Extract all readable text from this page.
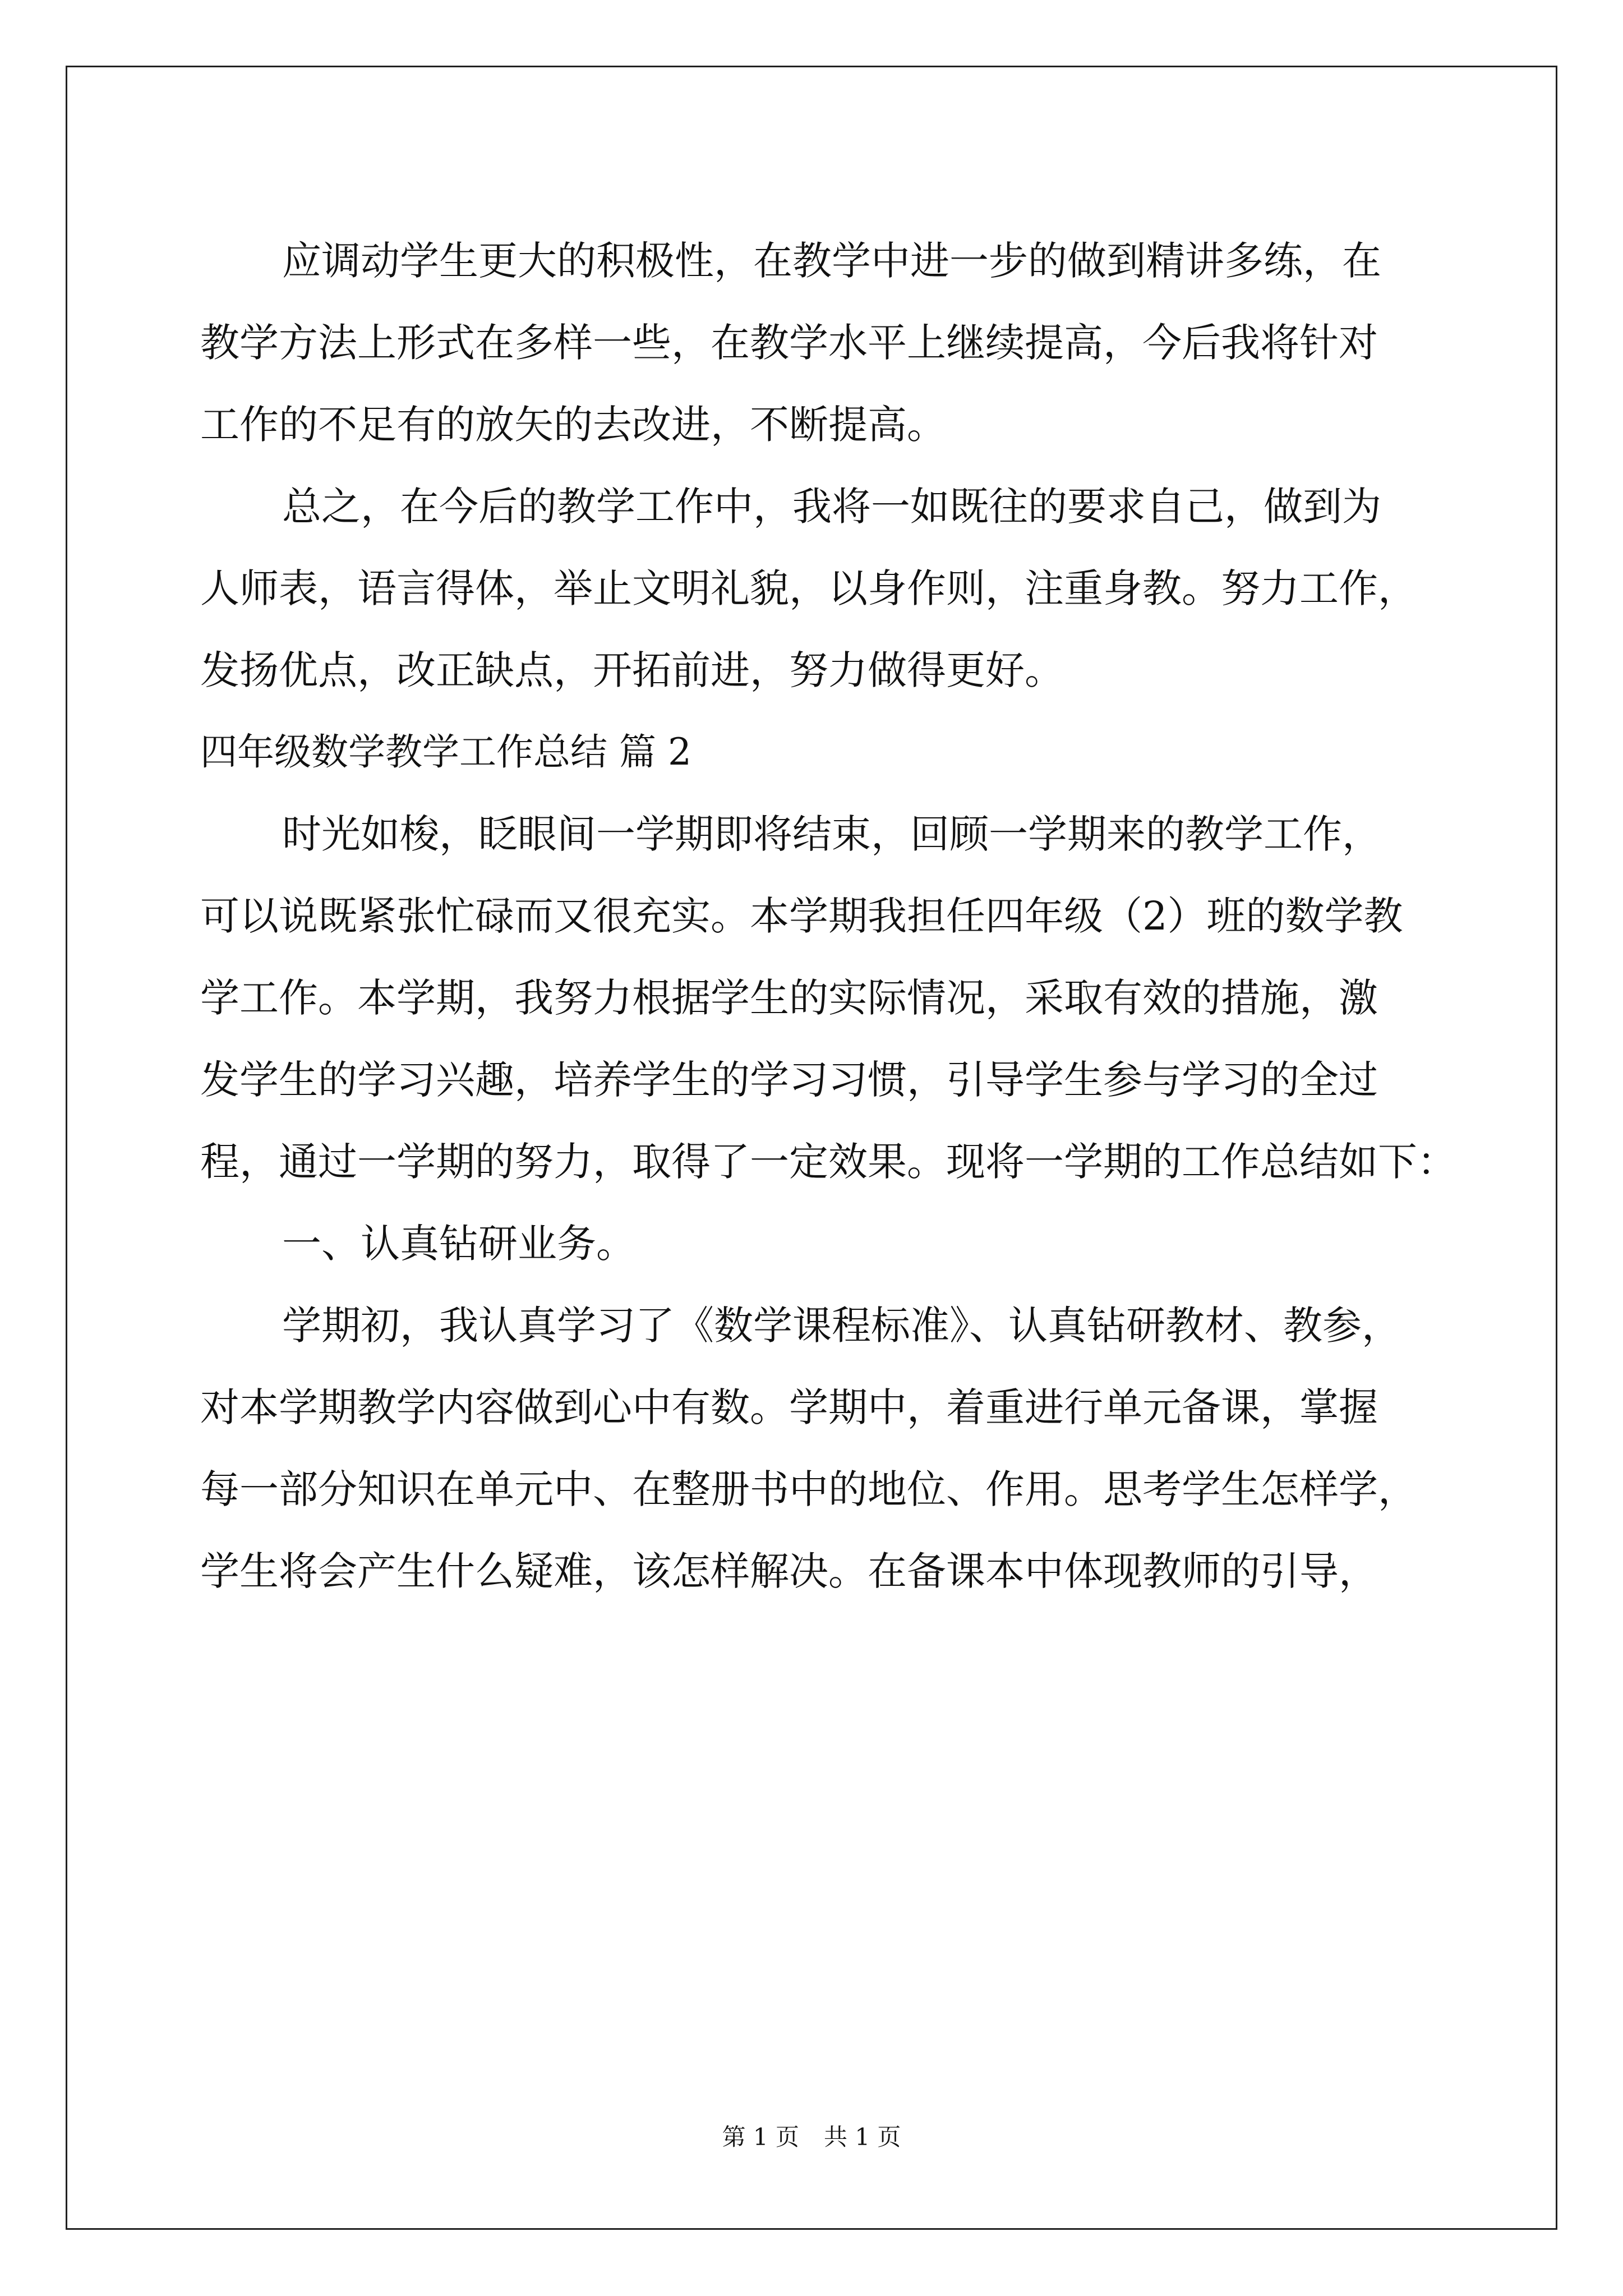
应调动学生更大的积极性，在教学中进一步的做到精讲多练，在
教学方法上形式在多样一些，在教学水平上继续提高，今后我将针对
工作的不足有的放矢的去改进，不断提高。
总之，在今后的教学工作中，我将一如既往的要求自己，做到为
人师表，语言得体，举止文明礼貌，以身作则，注重身教。努力工作，
发扬优点，改正缺点，开拓前进，努力做得更好。
四年级数学教学工作总结 篇 2
时光如梭，眨眼间一学期即将结束，回顾一学期来的教学工作，
可以说既紧张忙碌而又很充实。本学期我担任四年级（2）班的数学教
学工作。本学期，我努力根据学生的实际情况，采取有效的措施，激
发学生的学习兴趣，培养学生的学习习惯，引导学生参与学习的全过
程，通过一学期的努力，取得了一定效果。现将一学期的工作总结如下：
一、认真钻研业务。
学期初，我认真学习了《数学课程标准》、认真钻研教材、教参，
对本学期教学内容做到心中有数。学期中，着重进行单元备课，掌握
每一部分知识在单元中、在整册书中的地位、作用。思考学生怎样学，
学生将会产生什么疑难，该怎样解决。在备课本中体现教师的引导，
第 1 页 共 1 页
